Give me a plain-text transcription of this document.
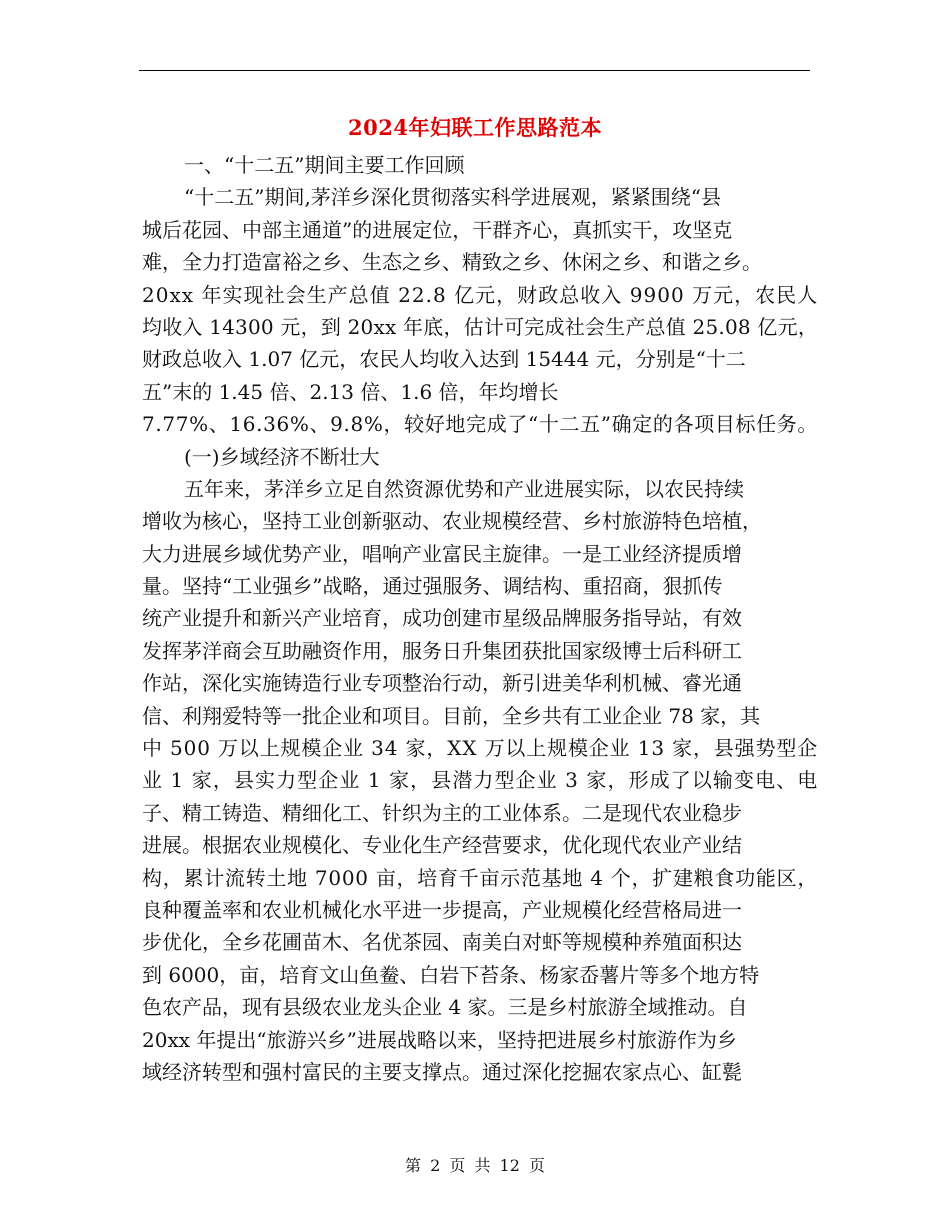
2024年妇联工作思路范本
一、“十二五”期间主要工作回顾
“十二五”期间,茅洋乡深化贯彻落实科学进展观，紧紧围绕“县
城后花园、中部主通道”的进展定位，干群齐心，真抓实干，攻坚克
难，全力打造富裕之乡、生态之乡、精致之乡、休闲之乡、和谐之乡。
20xx 年实现社会生产总值 22.8 亿元，财政总收入 9900 万元，农民人
均收入 14300 元，到 20xx 年底，估计可完成社会生产总值 25.08 亿元，
财政总收入 1.07 亿元，农民人均收入达到 15444 元，分别是“十二
五”末的 1.45 倍、2.13 倍、1.6 倍，年均增长
7.77%、16.36%、9.8%，较好地完成了“十二五”确定的各项目标任务。
(一)乡域经济不断壮大
五年来，茅洋乡立足自然资源优势和产业进展实际，以农民持续
增收为核心，坚持工业创新驱动、农业规模经营、乡村旅游特色培植，
大力进展乡域优势产业，唱响产业富民主旋律。一是工业经济提质增
量。坚持“工业强乡”战略，通过强服务、调结构、重招商，狠抓传
统产业提升和新兴产业培育，成功创建市星级品牌服务指导站，有效
发挥茅洋商会互助融资作用，服务日升集团获批国家级博士后科研工
作站，深化实施铸造行业专项整治行动，新引进美华利机械、睿光通
信、利翔爱特等一批企业和项目。目前，全乡共有工业企业 78 家，其
中 500 万以上规模企业 34 家，XX 万以上规模企业 13 家，县强势型企
业 1 家，县实力型企业 1 家，县潜力型企业 3 家，形成了以输变电、电
子、精工铸造、精细化工、针织为主的工业体系。二是现代农业稳步
进展。根据农业规模化、专业化生产经营要求，优化现代农业产业结
构，累计流转土地 7000 亩，培育千亩示范基地 4 个，扩建粮食功能区，
良种覆盖率和农业机械化水平进一步提高，产业规模化经营格局进一
步优化，全乡花圃苗木、名优茶园、南美白对虾等规模种养殖面积达
到 6000，亩，培育文山鱼鲞、白岩下苔条、杨家岙薯片等多个地方特
色农产品，现有县级农业龙头企业 4 家。三是乡村旅游全域推动。自
20xx 年提出“旅游兴乡”进展战略以来，坚持把进展乡村旅游作为乡
域经济转型和强村富民的主要支撑点。通过深化挖掘农家点心、缸甏
第 2 页 共 12 页
